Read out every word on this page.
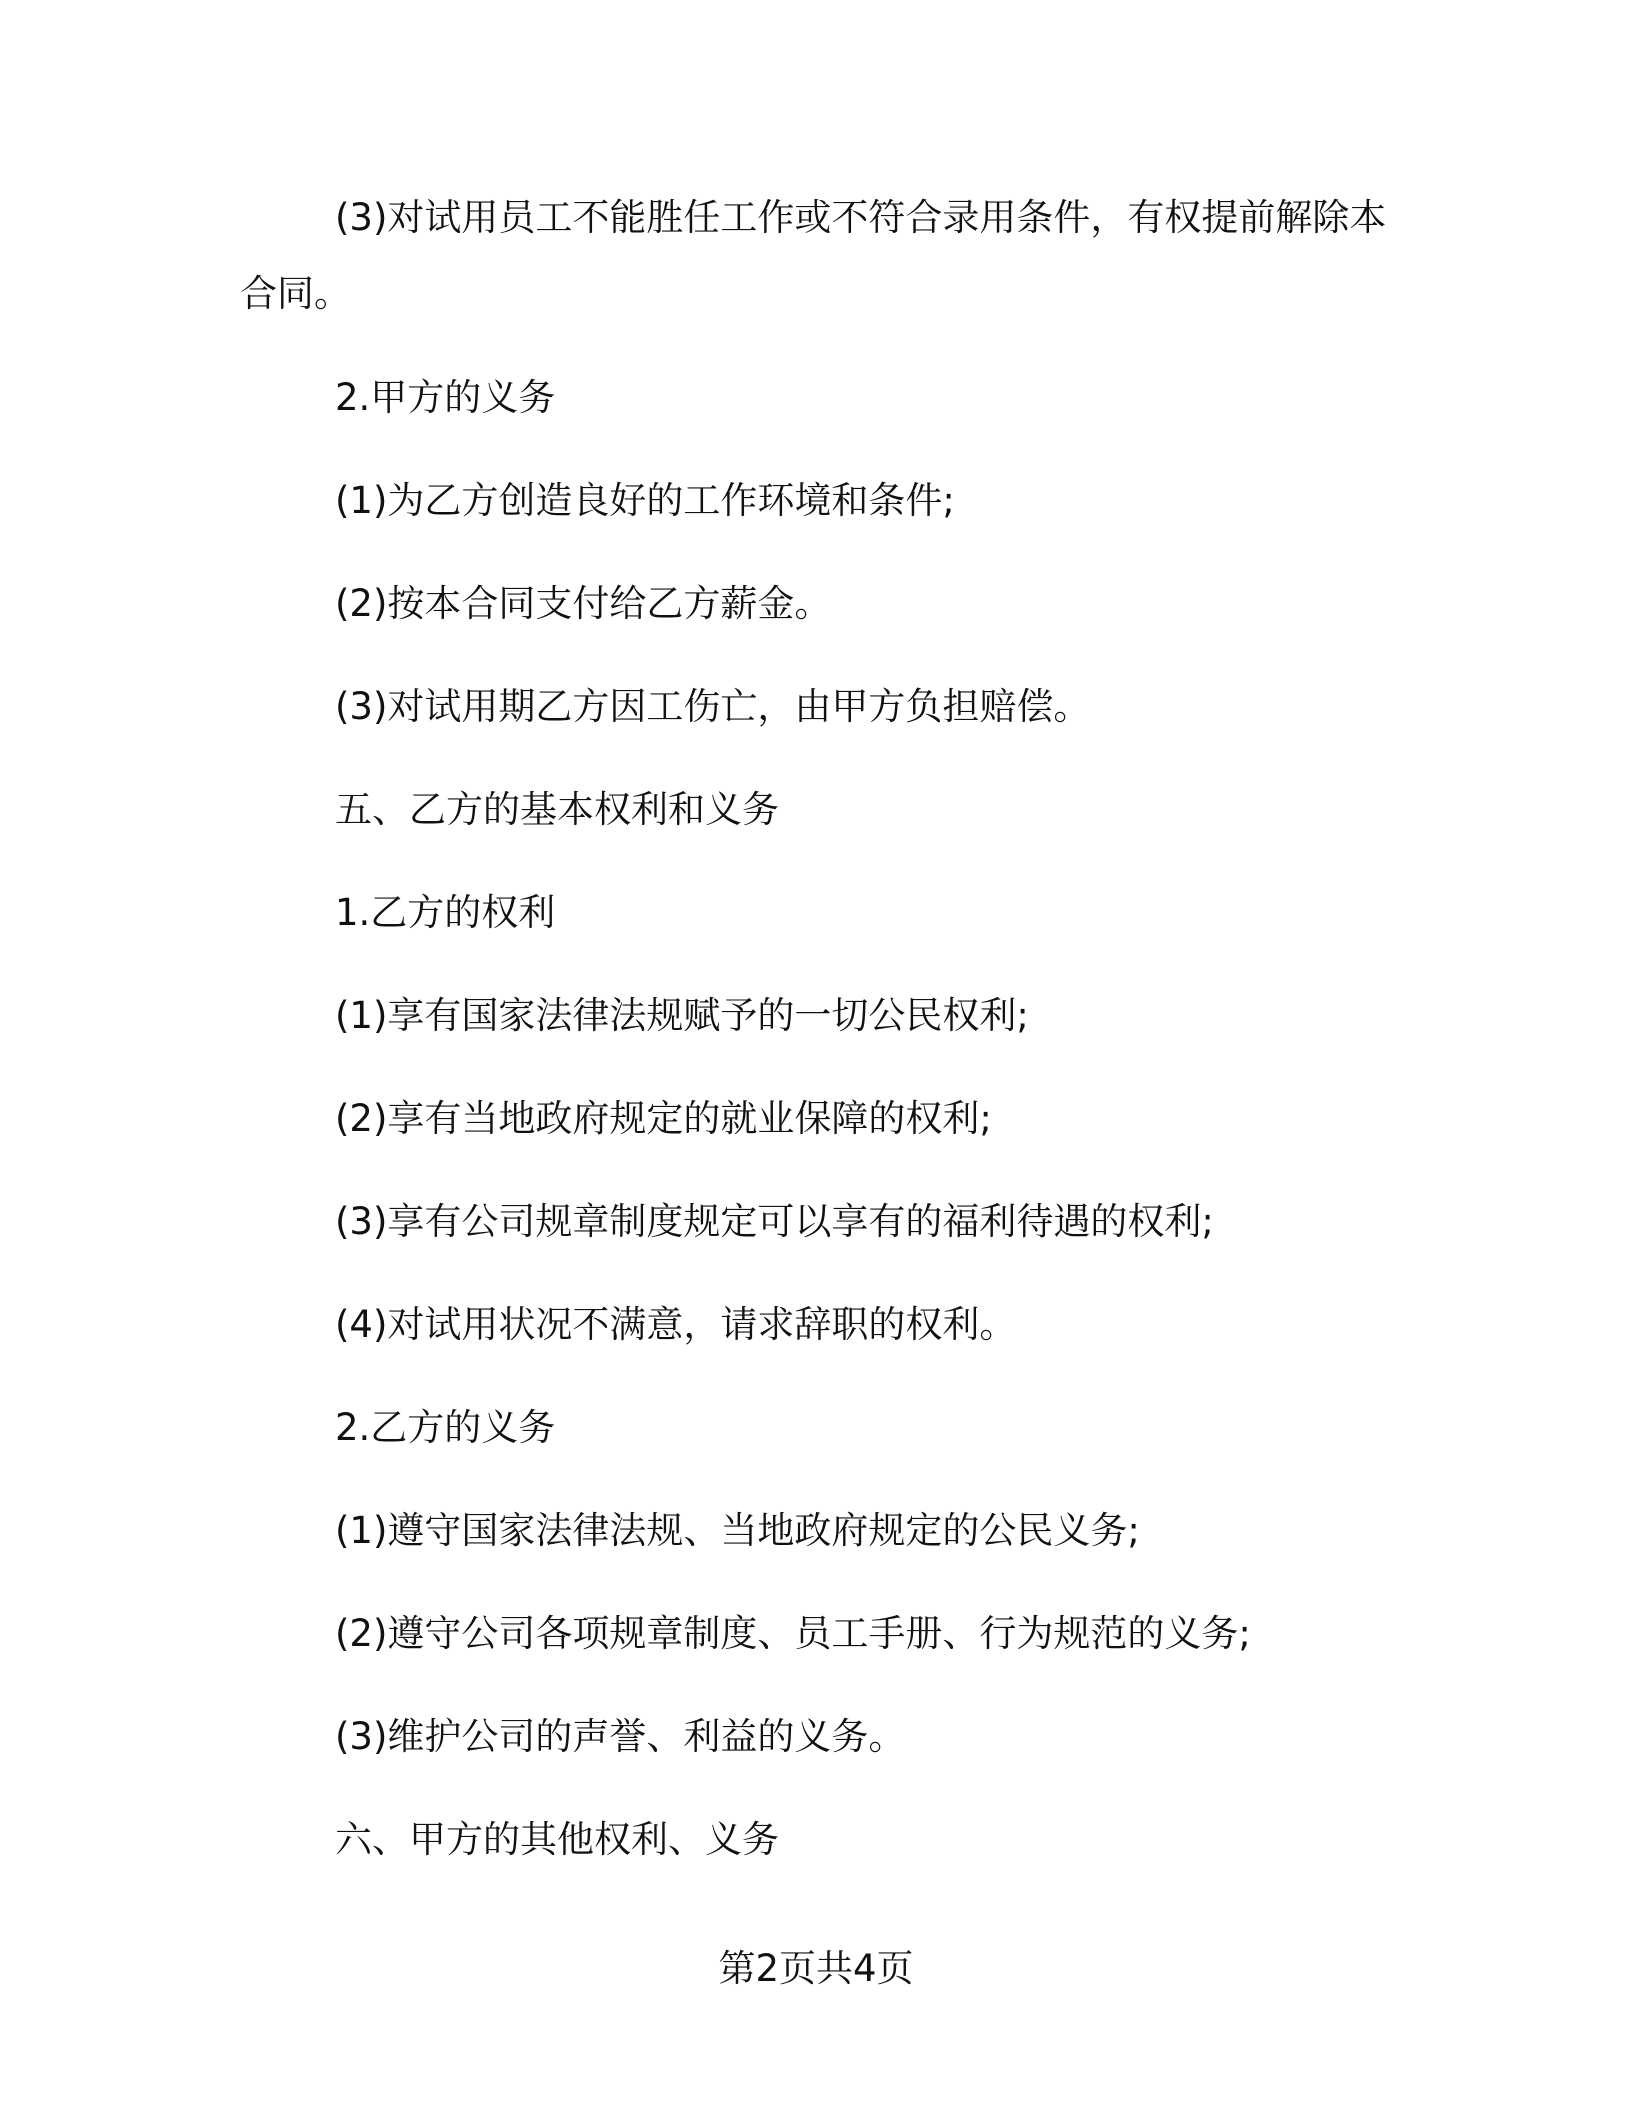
(3)对试用员工不能胜任工作或不符合录用条件，有权提前解除本合同。

2.甲方的义务

(1)为乙方创造良好的工作环境和条件;

(2)按本合同支付给乙方薪金。

(3)对试用期乙方因工伤亡，由甲方负担赔偿。

五、乙方的基本权利和义务

1.乙方的权利

(1)享有国家法律法规赋予的一切公民权利;

(2)享有当地政府规定的就业保障的权利;

(3)享有公司规章制度规定可以享有的福利待遇的权利;

(4)对试用状况不满意，请求辞职的权利。

2.乙方的义务

(1)遵守国家法律法规、当地政府规定的公民义务;

(2)遵守公司各项规章制度、员工手册、行为规范的义务;

(3)维护公司的声誉、利益的义务。

六、甲方的其他权利、义务

第2页共4页
